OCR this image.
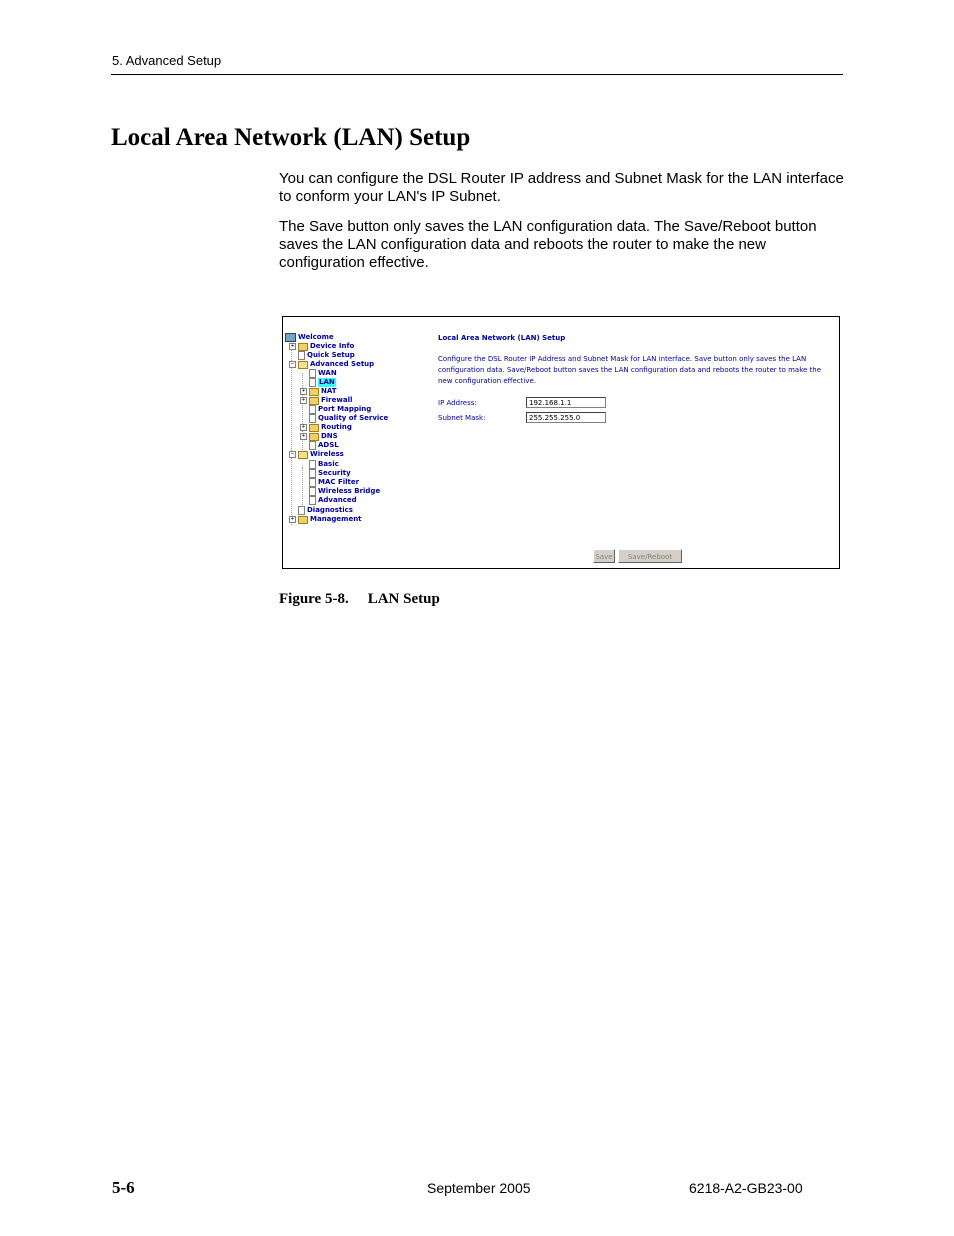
5. Advanced Setup
Local Area Network (LAN) Setup

You can configure the DSL Router IP address and Subnet Mask for the LAN interface to conform your LAN's IP Subnet.

The Save button only saves the LAN configuration data. The Save/Reboot button saves the LAN configuration data and reboots the router to make the new configuration effective.

Welcome
+ Device Info
Quick Setup
− Advanced Setup
WAN
LAN
+ NAT
+ Firewall
Port Mapping
Quality of Service
+ Routing
+ DNS
ADSL
− Wireless
Basic
Security
MAC Filter
Wireless Bridge
Advanced
Diagnostics
+ Management
Local Area Network (LAN) Setup
Configure the DSL Router IP Address and Subnet Mask for LAN interface. Save button only saves the LAN configuration data. Save/Reboot button saves the LAN configuration data and reboots the router to make the new configuration effective.
IP Address:	192.168.1.1
Subnet Mask:	255.255.255.0
Save	Save/Reboot
Figure 5-8. LAN Setup
5-6	September 2005	6218-A2-GB23-00
